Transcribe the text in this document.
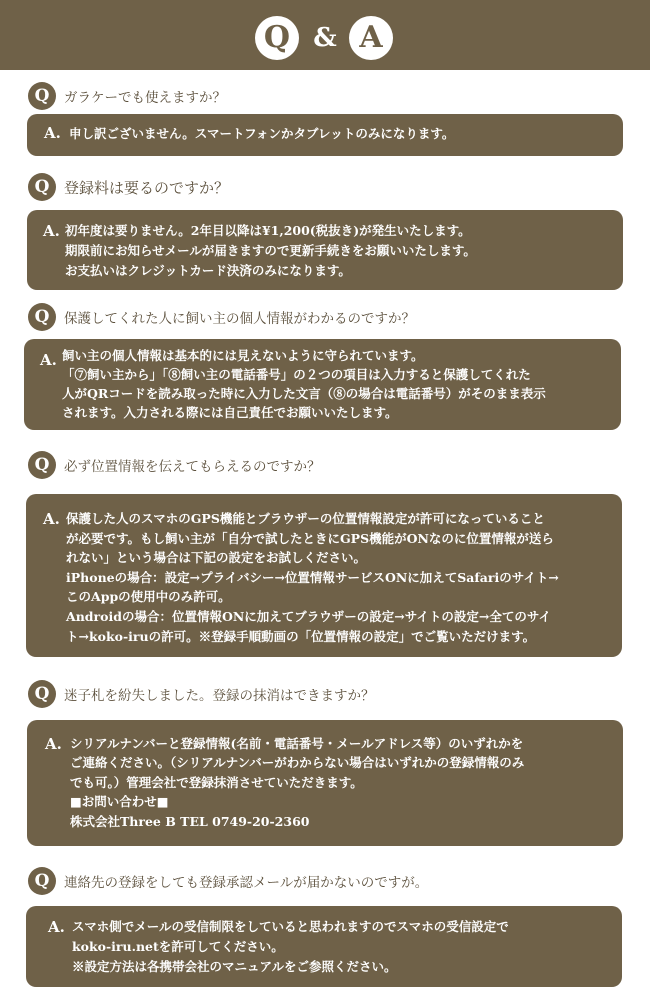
Q & A
Q	ガラケーでも使えますか？
A. 申し訳ございません。スマートフォンかタブレットのみになります。
Q 登録料は要るのですか？
A. 初年度は要りません。2年目以降は¥1,200(税抜き)が発生いたします。
期限前にお知らせメールが届きますので更新手続きをお願いいたします。
お支払いはクレジットカード決済のみになります。
Q	保護してくれた人に飼い主の個人情報がわかるのですか？
A. 飼い主の個人情報は基本的には見えないように守られています。
「⑦飼い主から」「⑧飼い主の電話番号」の２つの項目は入力すると保護してくれた
人がQRコードを読み取った時に入力した文言（⑧の場合は電話番号）がそのまま表示
されます。入力される際には自己責任でお願いいたします。
Q	必ず位置情報を伝えてもらえるのですか？
A. 保護した人のスマホのGPS機能とブラウザーの位置情報設定が許可になっていること
が必要です。もし飼い主が「自分で試したときにGPS機能がONなのに位置情報が送ら
れない」という場合は下記の設定をお試しください。
iPhoneの場合：設定→プライバシー→位置情報サービスONに加えてSafariのサイト→
このAppの使用中のみ許可。
Androidの場合：位置情報ONに加えてブラウザーの設定→サイトの設定→全てのサイ
ト→koko-iruの許可。※登録手順動画の「位置情報の設定」でご覧いただけます。
Q	迷子札を紛失しました。登録の抹消はできますか？
A. シリアルナンバーと登録情報(名前・電話番号・メールアドレス等）のいずれかを
ご連絡ください。（シリアルナンバーがわからない場合はいずれかの登録情報のみ
でも可。）管理会社で登録抹消させていただきます。
■お問い合わせ■
株式会社Three B TEL 0749-20-2360
Q	連絡先の登録をしても登録承認メールが届かないのですが。
A. スマホ側でメールの受信制限をしていると思われますのでスマホの受信設定で
koko-iru.netを許可してください。
※設定方法は各携帯会社のマニュアルをご参照ください。
